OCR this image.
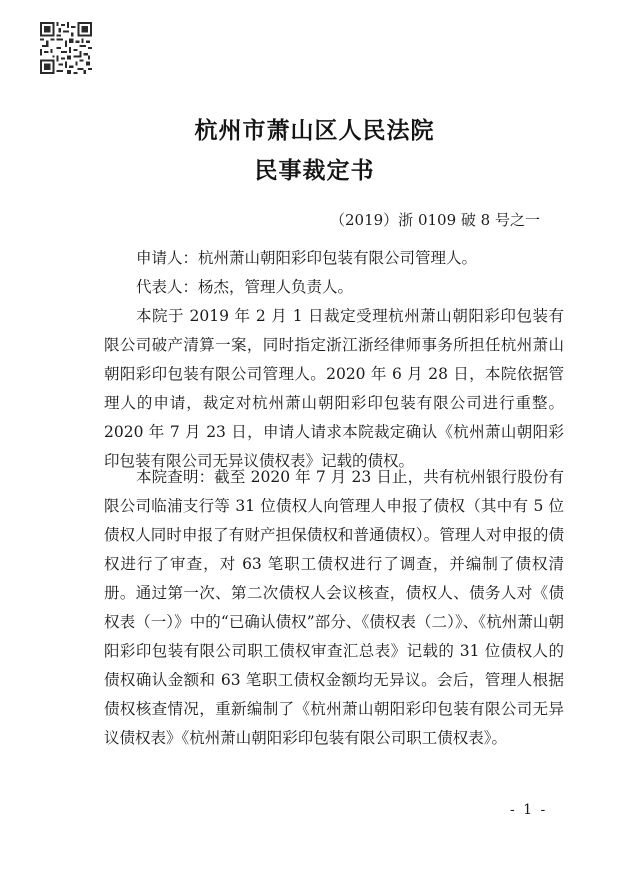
杭州市萧山区人民法院
民事裁定书
（2019）浙 0109 破 8 号之一
申请人：杭州萧山朝阳彩印包装有限公司管理人。
代表人：杨杰，管理人负责人。
本院于 2019 年 2 月 1 日裁定受理杭州萧山朝阳彩印包装有限公司破产清算一案，同时指定浙江浙经律师事务所担任杭州萧山朝阳彩印包装有限公司管理人。2020 年 6 月 28 日，本院依据管理人的申请，裁定对杭州萧山朝阳彩印包装有限公司进行重整。2020 年 7 月 23 日，申请人请求本院裁定确认《杭州萧山朝阳彩印包装有限公司无异议债权表》记载的债权。
本院查明：截至 2020 年 7 月 23 日止，共有杭州银行股份有限公司临浦支行等 31 位债权人向管理人申报了债权（其中有 5 位债权人同时申报了有财产担保债权和普通债权）。管理人对申报的债权进行了审查，对 63 笔职工债权进行了调查，并编制了债权清册。通过第一次、第二次债权人会议核查，债权人、债务人对《债权表（一）》中的“已确认债权”部分、《债权表（二）》、《杭州萧山朝阳彩印包装有限公司职工债权审查汇总表》记载的 31 位债权人的债权确认金额和 63 笔职工债权金额均无异议。会后，管理人根据债权核查情况，重新编制了《杭州萧山朝阳彩印包装有限公司无异议债权表》《杭州萧山朝阳彩印包装有限公司职工债权表》。
- 1 -
